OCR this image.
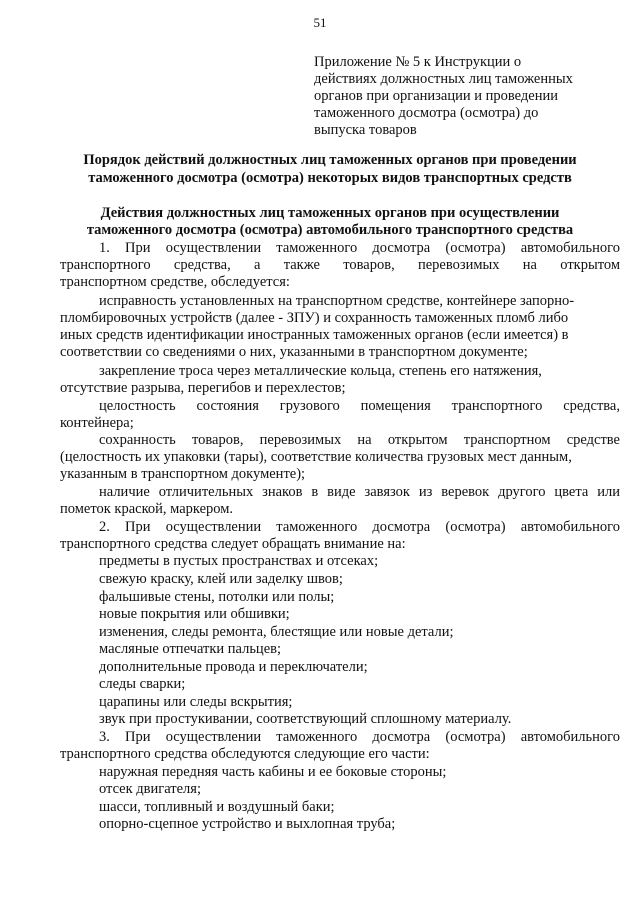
51
Приложение № 5 к Инструкции о
действиях должностных лиц таможенных
органов при организации и проведении
таможенного досмотра (осмотра) до
выпуска товаров
Порядок действий должностных лиц таможенных органов при проведении
таможенного досмотра (осмотра) некоторых видов транспортных средств
Действия должностных лиц таможенных органов при осуществлении
таможенного досмотра (осмотра) автомобильного транспортного средства
1. При осуществлении таможенного досмотра (осмотра) автомобильного
транспортного средства, а также товаров, перевозимых на открытом
транспортном средстве, обследуется:
исправность установленных на транспортном средстве, контейнере запорно-
пломбировочных устройств (далее - ЗПУ) и сохранность таможенных пломб либо
иных средств идентификации иностранных таможенных органов (если имеется) в
соответствии со сведениями о них, указанными в транспортном документе;
закрепление троса через металлические кольца, степень его натяжения,
отсутствие разрыва, перегибов и перехлестов;
целостность состояния грузового помещения транспортного средства,
контейнера;
сохранность товаров, перевозимых на открытом транспортном средстве
(целостность их упаковки (тары), соответствие количества грузовых мест данным,
указанным в транспортном документе);
наличие отличительных знаков в виде завязок из веревок другого цвета или
пометок краской, маркером.
2. При осуществлении таможенного досмотра (осмотра) автомобильного
транспортного средства следует обращать внимание на:
предметы в пустых пространствах и отсеках;
свежую краску, клей или заделку швов;
фальшивые стены, потолки или полы;
новые покрытия или обшивки;
изменения, следы ремонта, блестящие или новые детали;
масляные отпечатки пальцев;
дополнительные провода и переключатели;
следы сварки;
царапины или следы вскрытия;
звук при простукивании, соответствующий сплошному материалу.
3. При осуществлении таможенного досмотра (осмотра) автомобильного
транспортного средства обследуются следующие его части:
наружная передняя часть кабины и ее боковые стороны;
отсек двигателя;
шасси, топливный и воздушный баки;
опорно-сцепное устройство и выхлопная труба;
